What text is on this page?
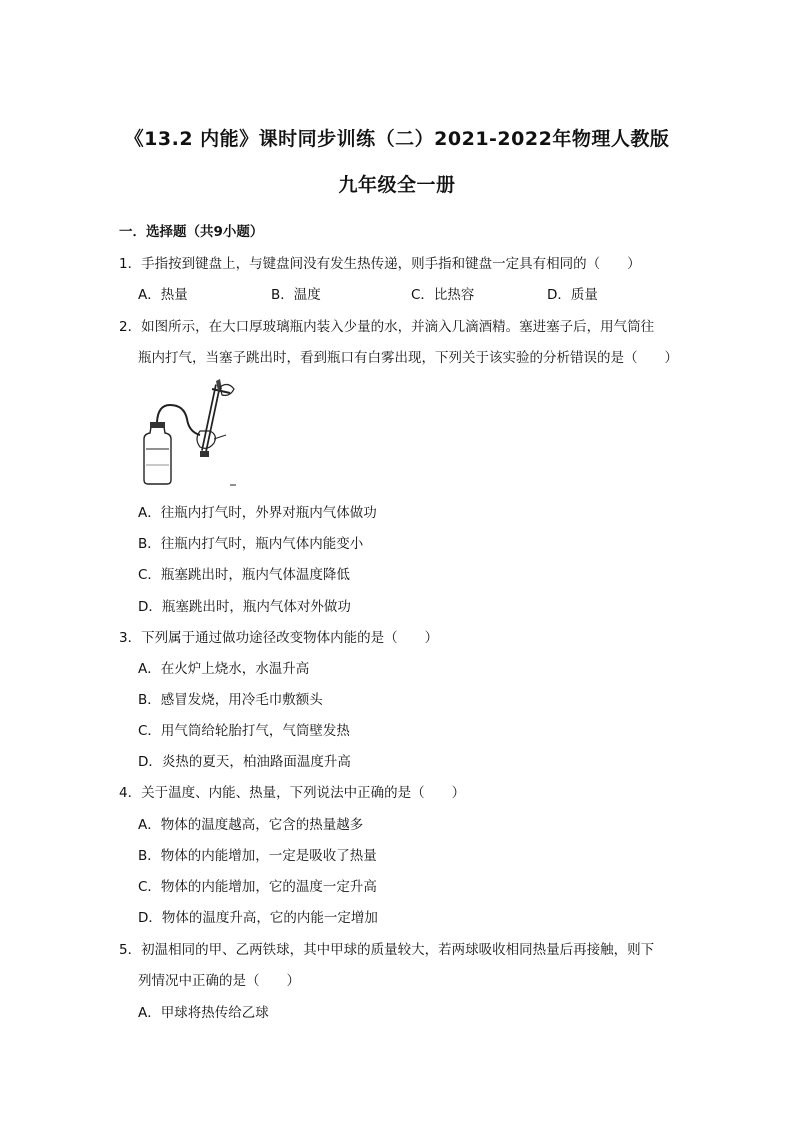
《13.2 内能》课时同步训练（二）2021-2022年物理人教版
九年级全一册
一．选择题（共9小题）
1．手指按到键盘上，与键盘间没有发生热传递，则手指和键盘一定具有相同的（　　）
A．热量	B．温度	C．比热容	D．质量
2．如图所示，在大口厚玻璃瓶内装入少量的水，并滴入几滴酒精。塞进塞子后，用气筒往
瓶内打气，当塞子跳出时，看到瓶口有白雾出现，下列关于该实验的分析错误的是（　　）
A．往瓶内打气时，外界对瓶内气体做功
B．往瓶内打气时，瓶内气体内能变小
C．瓶塞跳出时，瓶内气体温度降低
D．瓶塞跳出时，瓶内气体对外做功
3．下列属于通过做功途径改变物体内能的是（　　）
A．在火炉上烧水，水温升高
B．感冒发烧，用冷毛巾敷额头
C．用气筒给轮胎打气，气筒壁发热
D．炎热的夏天，柏油路面温度升高
4．关于温度、内能、热量，下列说法中正确的是（　　）
A．物体的温度越高，它含的热量越多
B．物体的内能增加，一定是吸收了热量
C．物体的内能增加，它的温度一定升高
D．物体的温度升高，它的内能一定增加
5．初温相同的甲、乙两铁球，其中甲球的质量较大，若两球吸收相同热量后再接触，则下
列情况中正确的是（　　）
A．甲球将热传给乙球
